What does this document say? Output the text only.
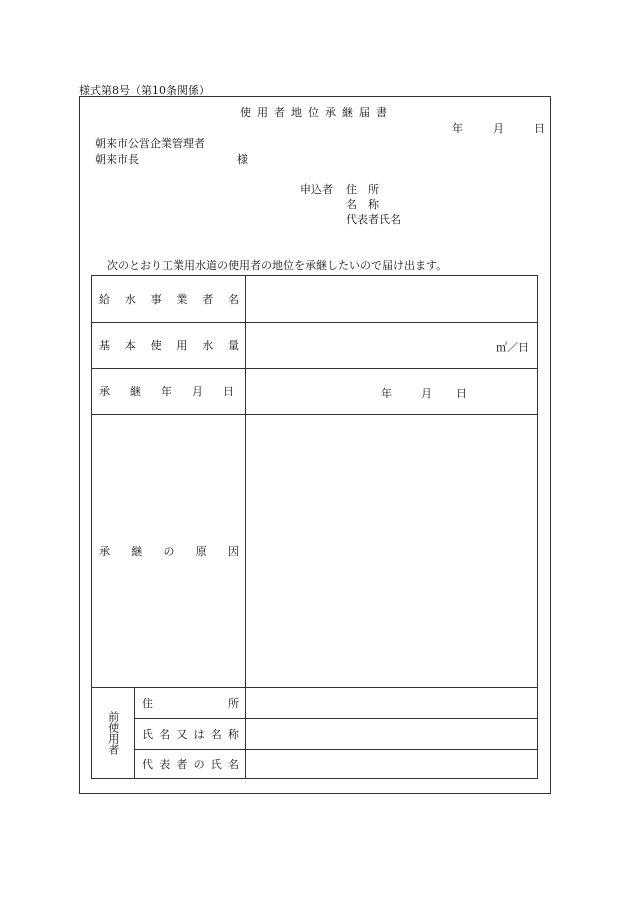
様式第8号（第10条関係）
使用者地位承継届書
年	月	日
朝来市公営企業管理者
朝来市長	様
申込者 住　所
名　称
代表者氏名
次のとおり工業用水道の使用者の地位を承継したいので届け出ます。
給 水 事 業 者 名
基 本 使 用 水 量	㎥／日
承継年月日	年	月 日
承 継 の 原 因
前使用者
住	所
氏 名 又 は 名 称
代 表 者 の 氏 名
